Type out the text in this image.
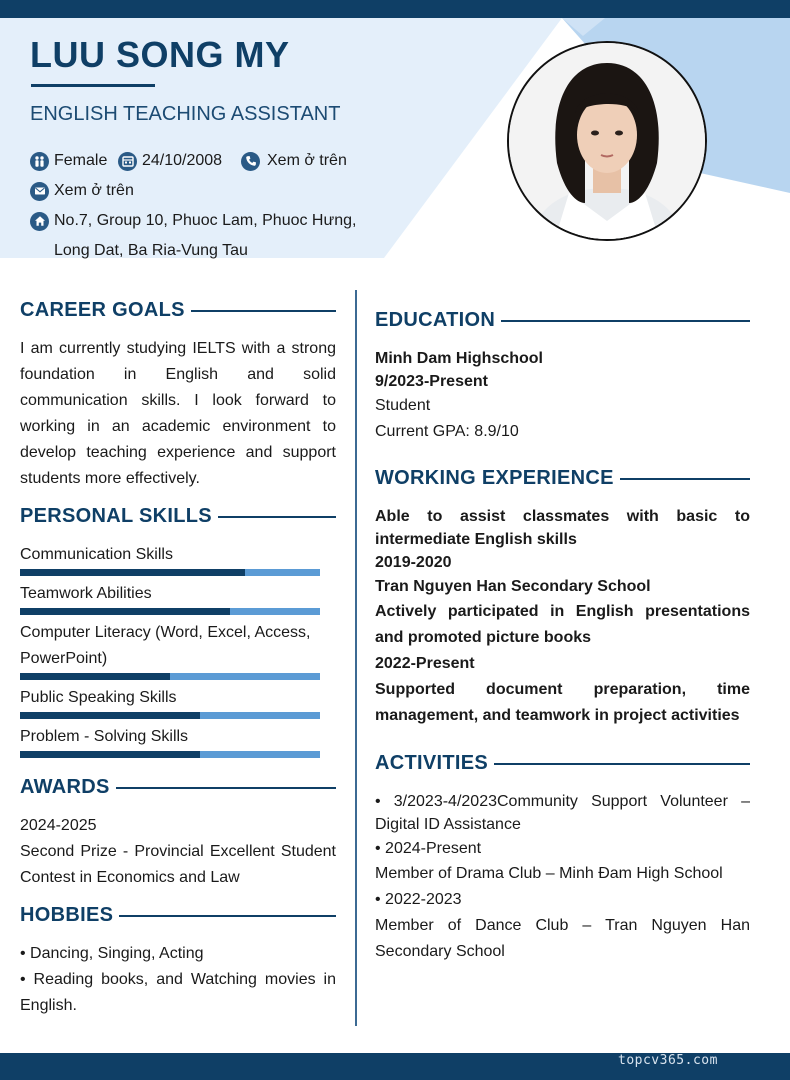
LUU SONG MY
ENGLISH TEACHING ASSISTANT
Female 24/10/2008	Xem ở trên
Xem ở trên
No.7, Group 10, Phuoc Lam, Phuoc Hưng,
Long Dat, Ba Ria-Vung Tau
CAREER GOALS
I am currently studying IELTS with a strong foundation in English and solid communication skills. I look forward to working in an academic environment to develop teaching experience and support students more effectively.
PERSONAL SKILLS
Communication Skills
Teamwork Abilities
Computer Literacy (Word, Excel, Access, PowerPoint)
Public Speaking Skills
Problem - Solving Skills
AWARDS
2024-2025
Second Prize - Provincial Excellent Student Contest in Economics and Law
HOBBIES
• Dancing, Singing, Acting
• Reading books, and Watching movies in English.
EDUCATION
Minh Dam Highschool
9/2023-Present
Student
Current GPA: 8.9/10
WORKING EXPERIENCE
Able to assist classmates with basic to intermediate English skills
2019-2020
Tran Nguyen Han Secondary School
Actively participated in English presentations and promoted picture books
2022-Present
Supported document preparation, time management, and teamwork in project activities
ACTIVITIES
• 3/2023-4/2023Community Support Volunteer – Digital ID Assistance
• 2024-Present
Member of Drama Club – Minh Đam High School
• 2022-2023
Member of Dance Club – Tran Nguyen Han Secondary School
topcv365.com
